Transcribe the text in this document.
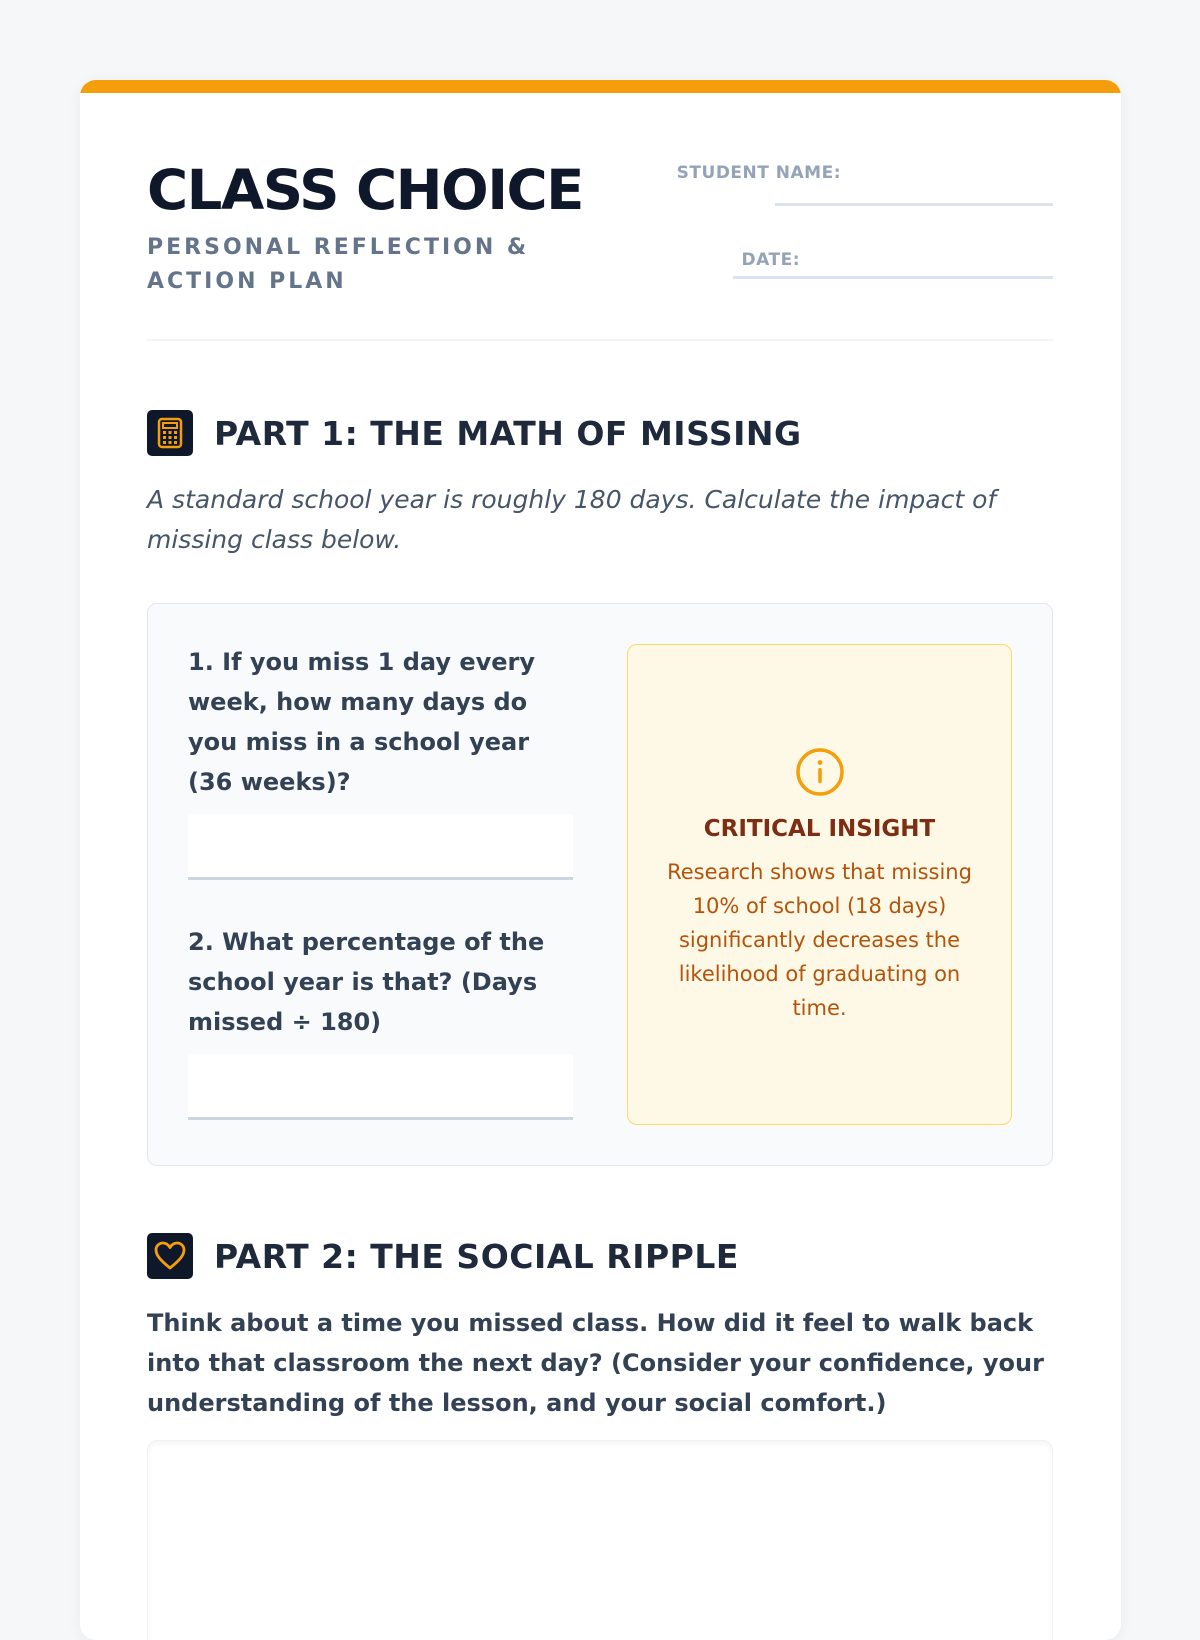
CLASS CHOICE
PERSONAL REFLECTION & ACTION PLAN
STUDENT NAME:
DATE:
PART 1: THE MATH OF MISSING

A standard school year is roughly 180 days. Calculate the impact of missing class below.

1. If you miss 1 day every week, how many days do you miss in a school year (36 weeks)?
2. What percentage of the school year is that? (Days missed ÷ 180)
CRITICAL INSIGHT
Research shows that missing 10% of school (18 days) significantly decreases the likelihood of graduating on time.
PART 2: THE SOCIAL RIPPLE

Think about a time you missed class. How did it feel to walk back into that classroom the next day? (Consider your confidence, your understanding of the lesson, and your social comfort.)
